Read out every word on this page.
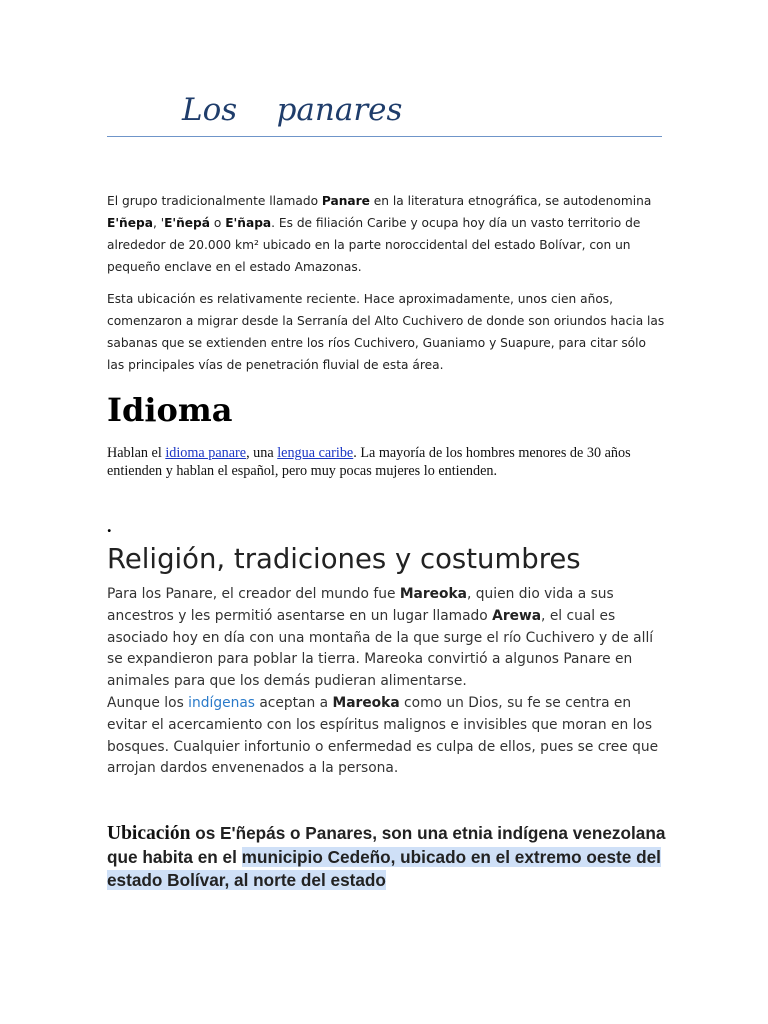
Los    panares

El grupo tradicionalmente llamado Panare en la literatura etnográfica, se autodenomina E'ñepa, 'E'ñepá o E'ñapa. Es de filiación Caribe y ocupa hoy día un vasto territorio de alrededor de 20.000 km² ubicado en la parte noroccidental del estado Bolívar, con un pequeño enclave en el estado Amazonas.

Esta ubicación es relativamente reciente. Hace aproximadamente, unos cien años, comenzaron a migrar desde la Serranía del Alto Cuchivero de donde son oriundos hacia las sabanas que se extienden entre los ríos Cuchivero, Guaniamo y Suapure, para citar sólo las principales vías de penetración fluvial de esta área.

Idioma

Hablan el idioma panare, una lengua caribe. La mayoría de los hombres menores de 30 años entienden y hablan el español, pero muy pocas mujeres lo entienden.

.
Religión, tradiciones y costumbres

Para los Panare, el creador del mundo fue Mareoka, quien dio vida a sus ancestros y les permitió asentarse en un lugar llamado Arewa, el cual es asociado hoy en día con una montaña de la que surge el río Cuchivero y de allí se expandieron para poblar la tierra. Mareoka convirtió a algunos Panare en animales para que los demás pudieran alimentarse.
Aunque los indígenas aceptan a Mareoka como un Dios, su fe se centra en evitar el acercamiento con los espíritus malignos e invisibles que moran en los bosques. Cualquier infortunio o enfermedad es culpa de ellos, pues se cree que arrojan dardos envenenados a la persona.

Ubicación os E'ñepás o Panares, son una etnia indígena venezolana que habita en el municipio Cedeño, ubicado en el extremo oeste del estado Bolívar, al norte del estado
